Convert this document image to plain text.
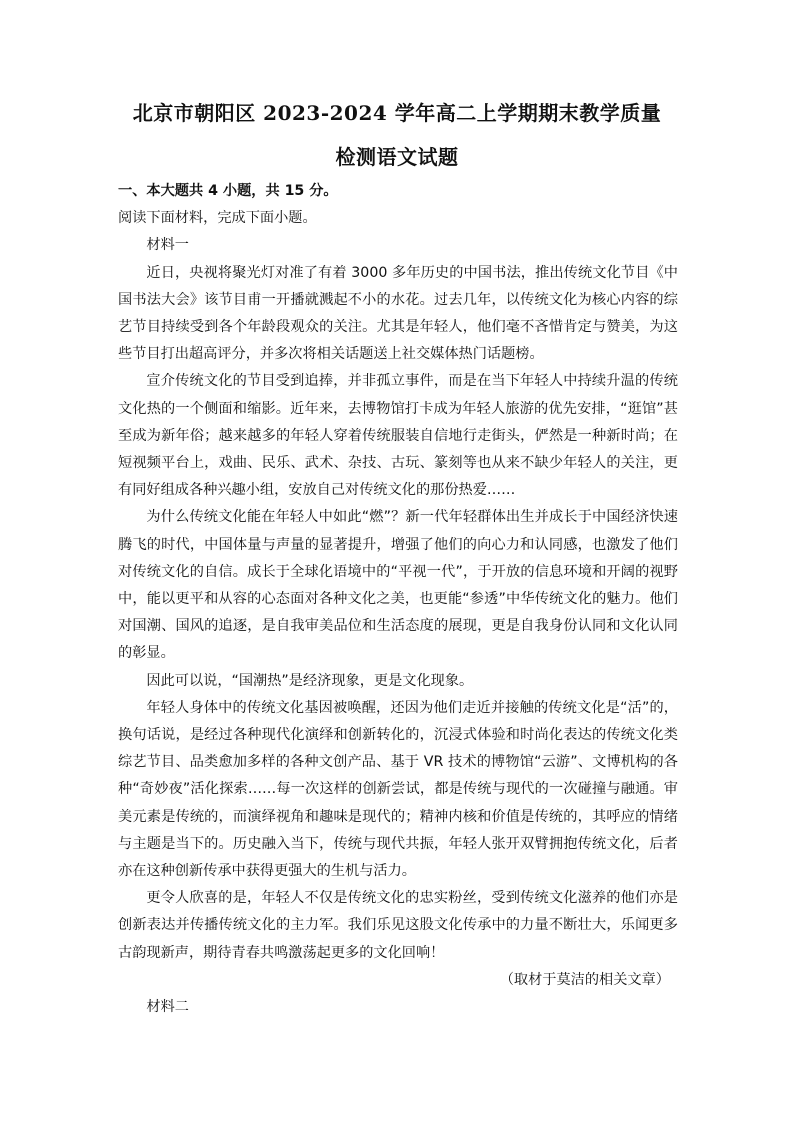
北京市朝阳区 2023-2024 学年高二上学期期末教学质量
检测语文试题

一、本大题共 4 小题，共 15 分。

阅读下面材料，完成下面小题。

材料一

近日，央视将聚光灯对准了有着 3000 多年历史的中国书法，推出传统文化节目《中国书法大会》该节目甫一开播就溅起不小的水花。过去几年，以传统文化为核心内容的综艺节目持续受到各个年龄段观众的关注。尤其是年轻人，他们毫不吝惜肯定与赞美，为这些节目打出超高评分，并多次将相关话题送上社交媒体热门话题榜。

宣介传统文化的节目受到追捧，并非孤立事件，而是在当下年轻人中持续升温的传统文化热的一个侧面和缩影。近年来，去博物馆打卡成为年轻人旅游的优先安排，“逛馆”甚至成为新年俗；越来越多的年轻人穿着传统服装自信地行走街头，俨然是一种新时尚；在短视频平台上，戏曲、民乐、武术、杂技、古玩、篆刻等也从来不缺少年轻人的关注，更有同好组成各种兴趣小组，安放自己对传统文化的那份热爱……

为什么传统文化能在年轻人中如此“燃”？新一代年轻群体出生并成长于中国经济快速腾飞的时代，中国体量与声量的显著提升，增强了他们的向心力和认同感，也激发了他们对传统文化的自信。成长于全球化语境中的“平视一代”，于开放的信息环境和开阔的视野中，能以更平和从容的心态面对各种文化之美，也更能“参透”中华传统文化的魅力。他们对国潮、国风的追逐，是自我审美品位和生活态度的展现，更是自我身份认同和文化认同的彰显。

因此可以说，“国潮热”是经济现象，更是文化现象。

年轻人身体中的传统文化基因被唤醒，还因为他们走近并接触的传统文化是“活”的，换句话说，是经过各种现代化演绎和创新转化的，沉浸式体验和时尚化表达的传统文化类综艺节目、品类愈加多样的各种文创产品、基于 VR 技术的博物馆“云游”、文博机构的各种“奇妙夜”活化探索……每一次这样的创新尝试，都是传统与现代的一次碰撞与融通。审美元素是传统的，而演绎视角和趣味是现代的；精神内核和价值是传统的，其呼应的情绪与主题是当下的。历史融入当下，传统与现代共振，年轻人张开双臂拥抱传统文化，后者亦在这种创新传承中获得更强大的生机与活力。

更令人欣喜的是，年轻人不仅是传统文化的忠实粉丝，受到传统文化滋养的他们亦是创新表达并传播传统文化的主力军。我们乐见这股文化传承中的力量不断壮大，乐闻更多古韵现新声，期待青春共鸣激荡起更多的文化回响！

（取材于莫洁的相关文章）

材料二
